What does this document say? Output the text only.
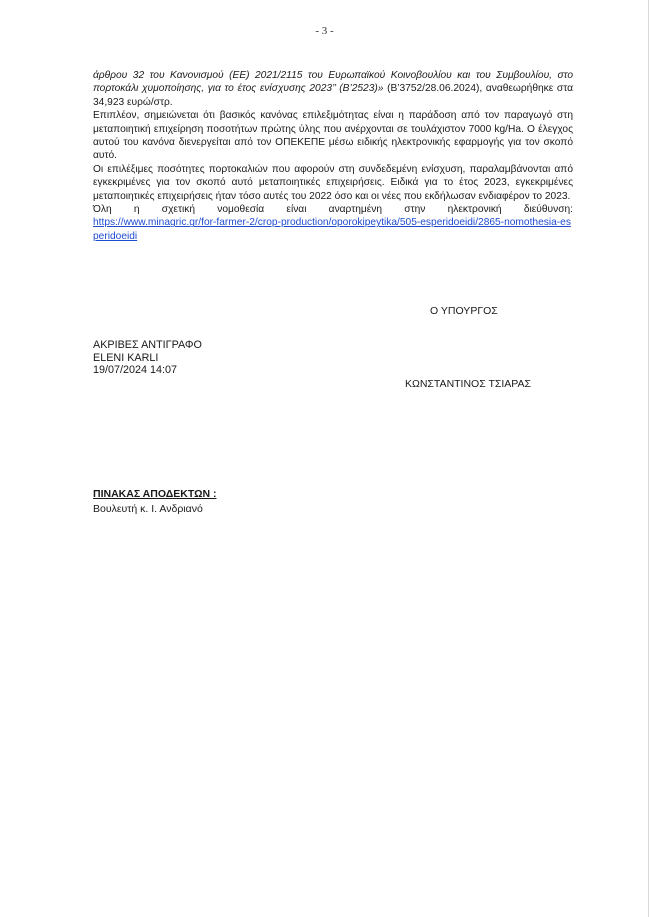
- 3 -

άρθρου 32 του Κανονισμού (ΕΕ) 2021/2115 του Ευρωπαϊκού Κοινοβουλίου και του Συμβουλίου, στο πορτοκάλι χυμοποίησης, για το έτος ενίσχυσης 2023’’ (Β’2523)» (Β’3752/28.06.2024), αναθεωρήθηκε στα 34,923 ευρώ/στρ.

Επιπλέον, σημειώνεται ότι βασικός κανόνας επιλεξιμότητας είναι η παράδοση από τον παραγωγό στη μεταποιητική επιχείρηση ποσοτήτων πρώτης ύλης που ανέρχονται σε τουλάχιστον 7000 kg/Ha. Ο έλεγχος αυτού του κανόνα διενεργείται από τον ΟΠΕΚΕΠΕ μέσω ειδικής ηλεκτρονικής εφαρμογής για τον σκοπό αυτό.

Οι επιλέξιμες ποσότητες πορτοκαλιών που αφορούν στη συνδεδεμένη ενίσχυση, παραλαμβάνονται από εγκεκριμένες για τον σκοπό αυτό μεταποιητικές επιχειρήσεις. Ειδικά για το έτος 2023, εγκεκριμένες μεταποιητικές επιχειρήσεις ήταν τόσο αυτές του 2022 όσο και οι νέες που εκδήλωσαν ενδιαφέρον το 2023.

Όλη η σχετική νομοθεσία είναι αναρτημένη στην ηλεκτρονική διεύθυνση:

https://www.minagric.gr/for-farmer-2/crop-production/oporokipeytika/505-esperidoeidi/2865-nomothesia-esperidoeidi

Ο ΥΠΟΥΡΓΟΣ
ΑΚΡΙΒΕΣ ΑΝΤΙΓΡΑΦΟ
ELENI KARLI
19/07/2024 14:07
ΚΩΝΣΤΑΝΤΙΝΟΣ ΤΣΙΑΡΑΣ
ΠΙΝΑΚΑΣ ΑΠΟΔΕΚΤΩΝ :
Βουλευτή κ. Ι. Ανδριανό
